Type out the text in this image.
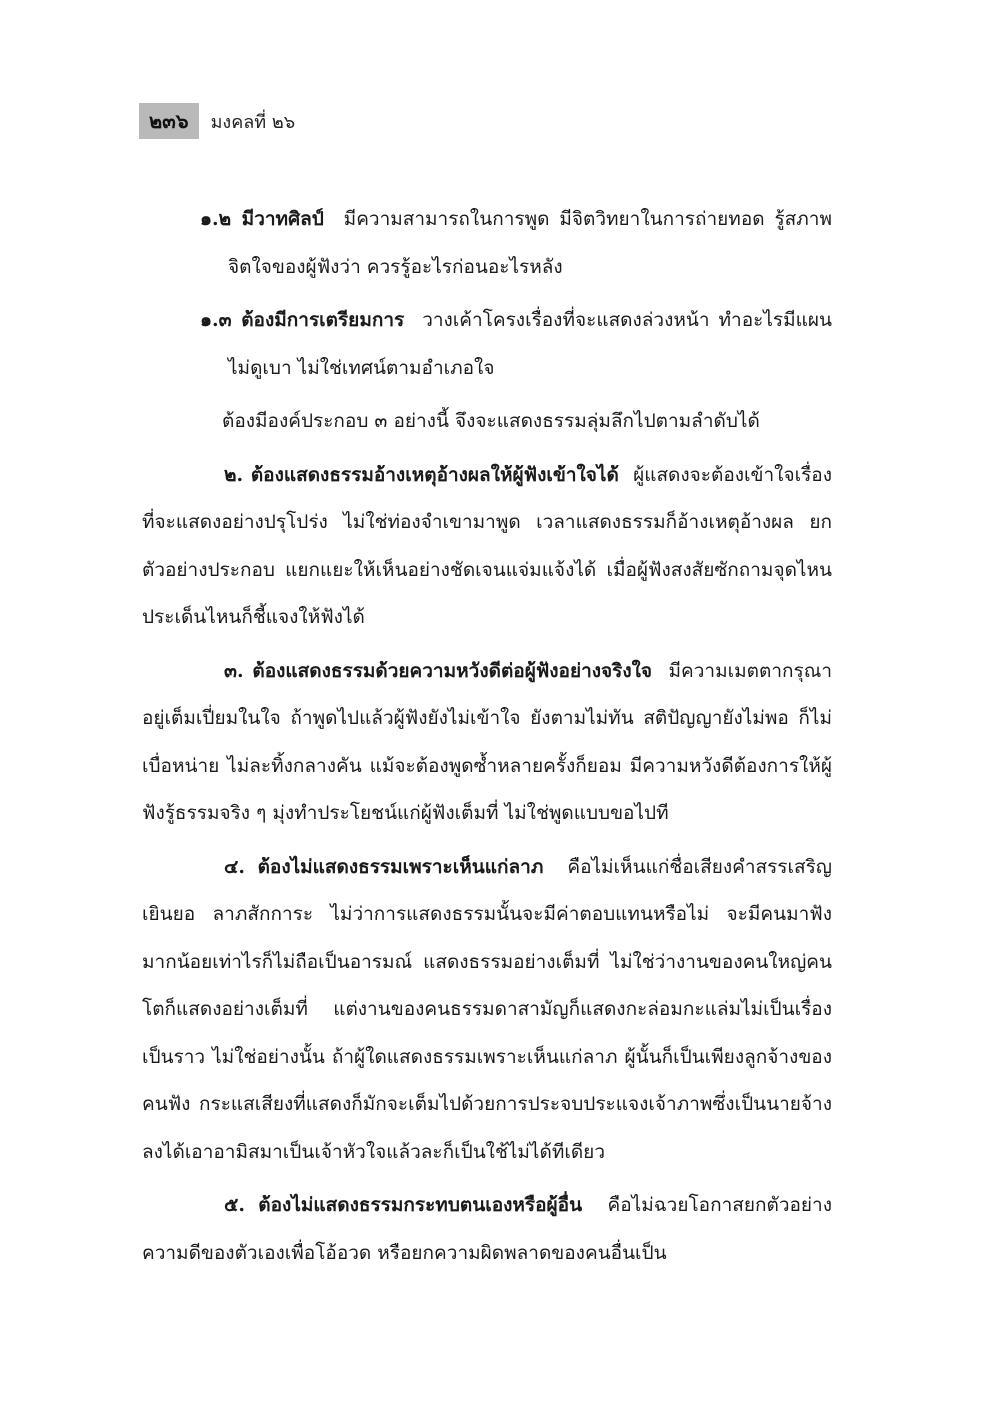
๒๓๖	มงคลที่ ๒๖

๑.๒ มีวาทศิลป์ มีความสามารถในการพูด มีจิตวิทยาในการถ่ายทอด รู้สภาพจิตใจของผู้ฟังว่า ควรรู้อะไรก่อนอะไรหลัง

๑.๓ ต้องมีการเตรียมการ วางเค้าโครงเรื่องที่จะแสดงล่วงหน้า ทำอะไรมีแผน ไม่ดูเบา ไม่ใช่เทศน์ตามอำเภอใจ

ต้องมีองค์ประกอบ ๓ อย่างนี้ จึงจะแสดงธรรมลุ่มลึกไปตามลำดับได้

๒. ต้องแสดงธรรมอ้างเหตุอ้างผลให้ผู้ฟังเข้าใจได้ ผู้แสดงจะต้องเข้าใจเรื่องที่จะแสดงอย่างปรุโปร่ง ไม่ใช่ท่องจำเขามาพูด เวลาแสดงธรรมก็อ้างเหตุอ้างผล ยกตัวอย่างประกอบ แยกแยะให้เห็นอย่างชัดเจนแจ่มแจ้งได้ เมื่อผู้ฟังสงสัยซักถามจุดไหนประเด็นไหนก็ชี้แจงให้ฟังได้

๓. ต้องแสดงธรรมด้วยความหวังดีต่อผู้ฟังอย่างจริงใจ มีความเมตตากรุณาอยู่เต็มเปี่ยมในใจ ถ้าพูดไปแล้วผู้ฟังยังไม่เข้าใจ ยังตามไม่ทัน สติปัญญายังไม่พอ ก็ไม่เบื่อหน่าย ไม่ละทิ้งกลางคัน แม้จะต้องพูดซ้ำหลายครั้งก็ยอม มีความหวังดีต้องการให้ผู้ฟังรู้ธรรมจริง ๆ มุ่งทำประโยชน์แก่ผู้ฟังเต็มที่ ไม่ใช่พูดแบบขอไปที

๔. ต้องไม่แสดงธรรมเพราะเห็นแก่ลาภ คือไม่เห็นแก่ชื่อเสียงคำสรรเสริญเยินยอ ลาภสักการะ ไม่ว่าการแสดงธรรมนั้นจะมีค่าตอบแทนหรือไม่ จะมีคนมาฟังมากน้อยเท่าไรก็ไม่ถือเป็นอารมณ์ แสดงธรรมอย่างเต็มที่ ไม่ใช่ว่างานของคนใหญ่คนโตก็แสดงอย่างเต็มที่ แต่งานของคนธรรมดาสามัญก็แสดงกะล่อมกะแล่มไม่เป็นเรื่องเป็นราว ไม่ใช่อย่างนั้น ถ้าผู้ใดแสดงธรรมเพราะเห็นแก่ลาภ ผู้นั้นก็เป็นเพียงลูกจ้างของคนฟัง กระแสเสียงที่แสดงก็มักจะเต็มไปด้วยการประจบประแจงเจ้าภาพซึ่งเป็นนายจ้าง ลงได้เอาอามิสมาเป็นเจ้าหัวใจแล้วละก็เป็นใช้ไม่ได้ทีเดียว

๕. ต้องไม่แสดงธรรมกระทบตนเองหรือผู้อื่น คือไม่ฉวยโอกาสยกตัวอย่างความดีของตัวเองเพื่อโอ้อวด หรือยกความผิดพลาดของคนอื่นเป็น
